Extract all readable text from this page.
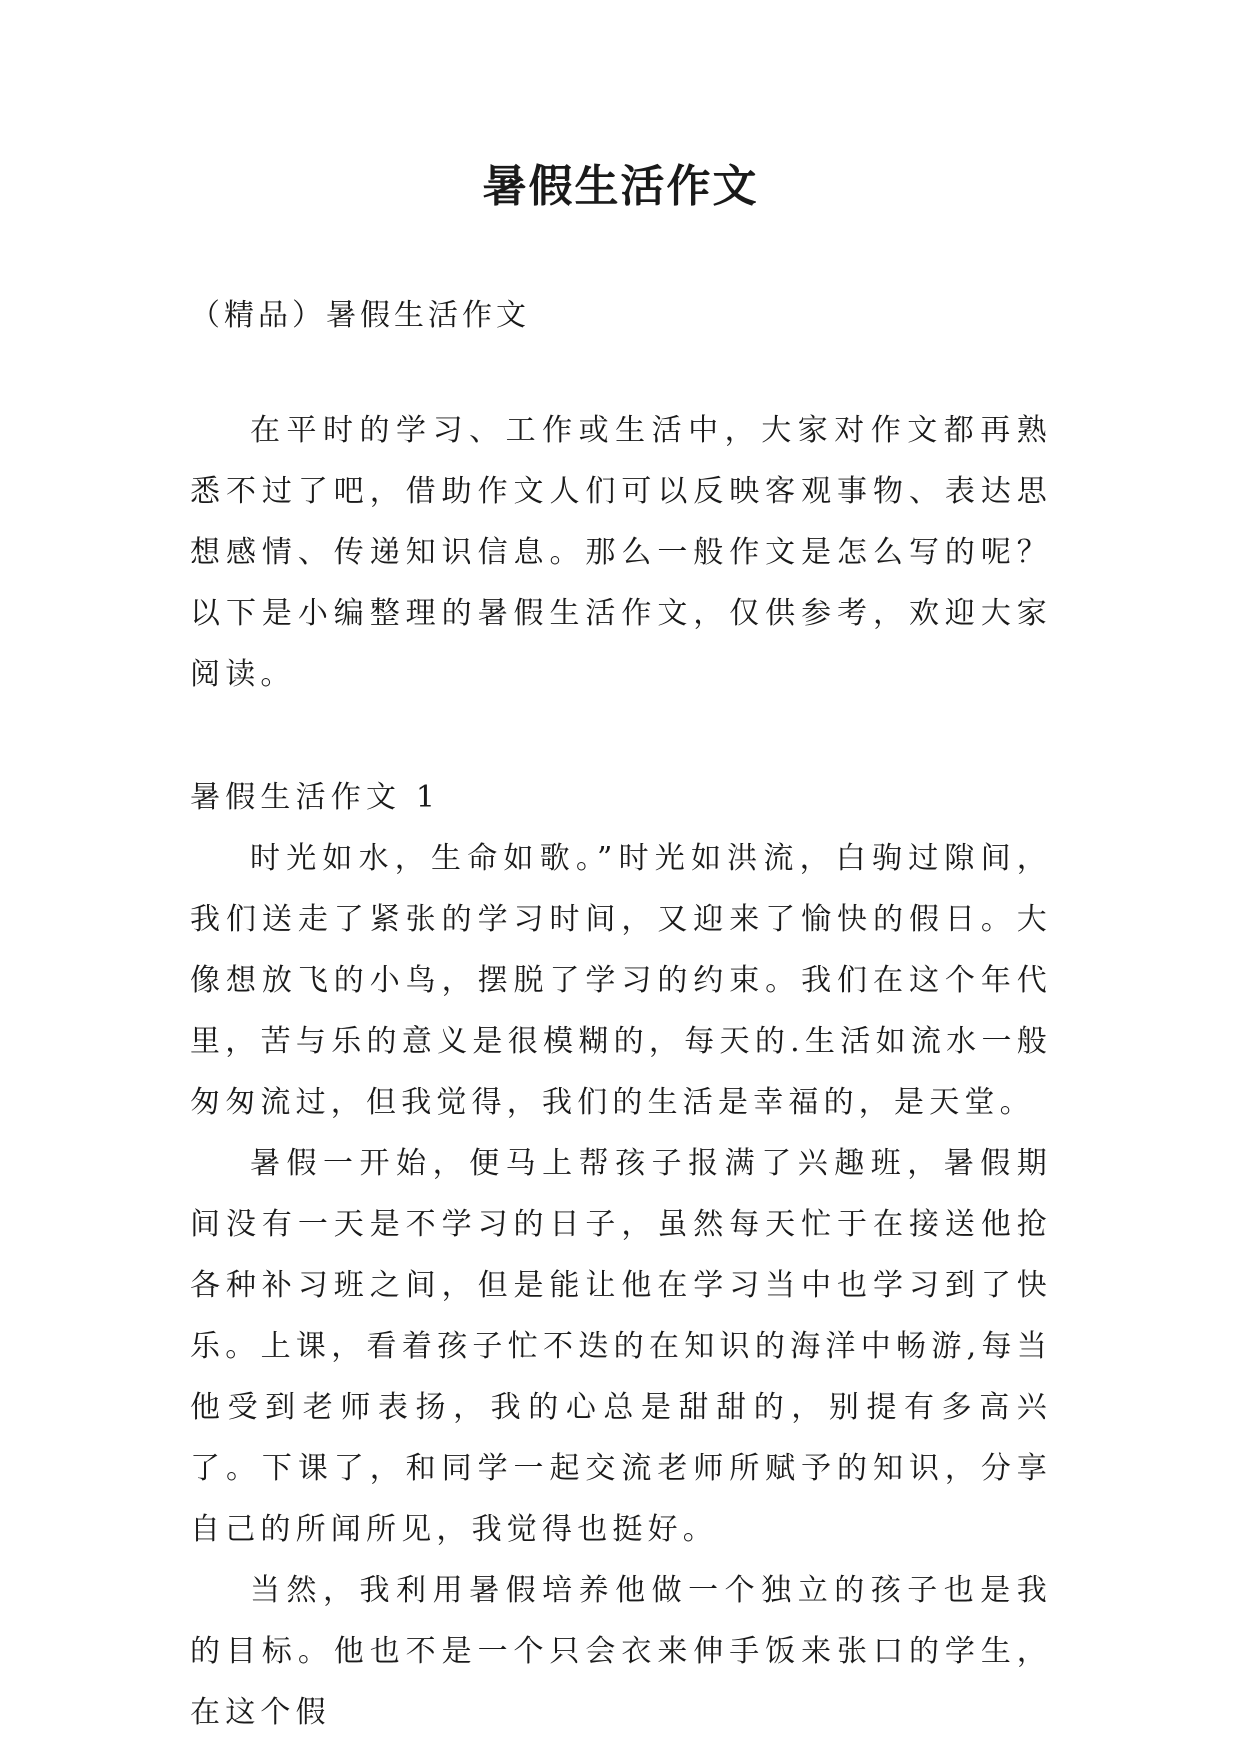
暑假生活作文

（精品）暑假生活作文

在平时的学习、工作或生活中，大家对作文都再熟悉不过了吧，借助作文人们可以反映客观事物、表达思想感情、传递知识信息。那么一般作文是怎么写的呢？以下是小编整理的暑假生活作文，仅供参考，欢迎大家阅读。

暑假生活作文 1

时光如水，生命如歌。”时光如洪流，白驹过隙间，我们送走了紧张的学习时间，又迎来了愉快的假日。大像想放飞的小鸟，摆脱了学习的约束。我们在这个年代里，苦与乐的意义是很模糊的，每天的.生活如流水一般匆匆流过，但我觉得，我们的生活是幸福的，是天堂。

暑假一开始，便马上帮孩子报满了兴趣班，暑假期间没有一天是不学习的日子，虽然每天忙于在接送他抢各种补习班之间，但是能让他在学习当中也学习到了快乐。上课，看着孩子忙不迭的在知识的海洋中畅游,每当他受到老师表扬，我的心总是甜甜的，别提有多高兴了。下课了，和同学一起交流老师所赋予的知识，分享自己的所闻所见，我觉得也挺好。

当然，我利用暑假培养他做一个独立的孩子也是我的目标。他也不是一个只会衣来伸手饭来张口的学生，在这个假
